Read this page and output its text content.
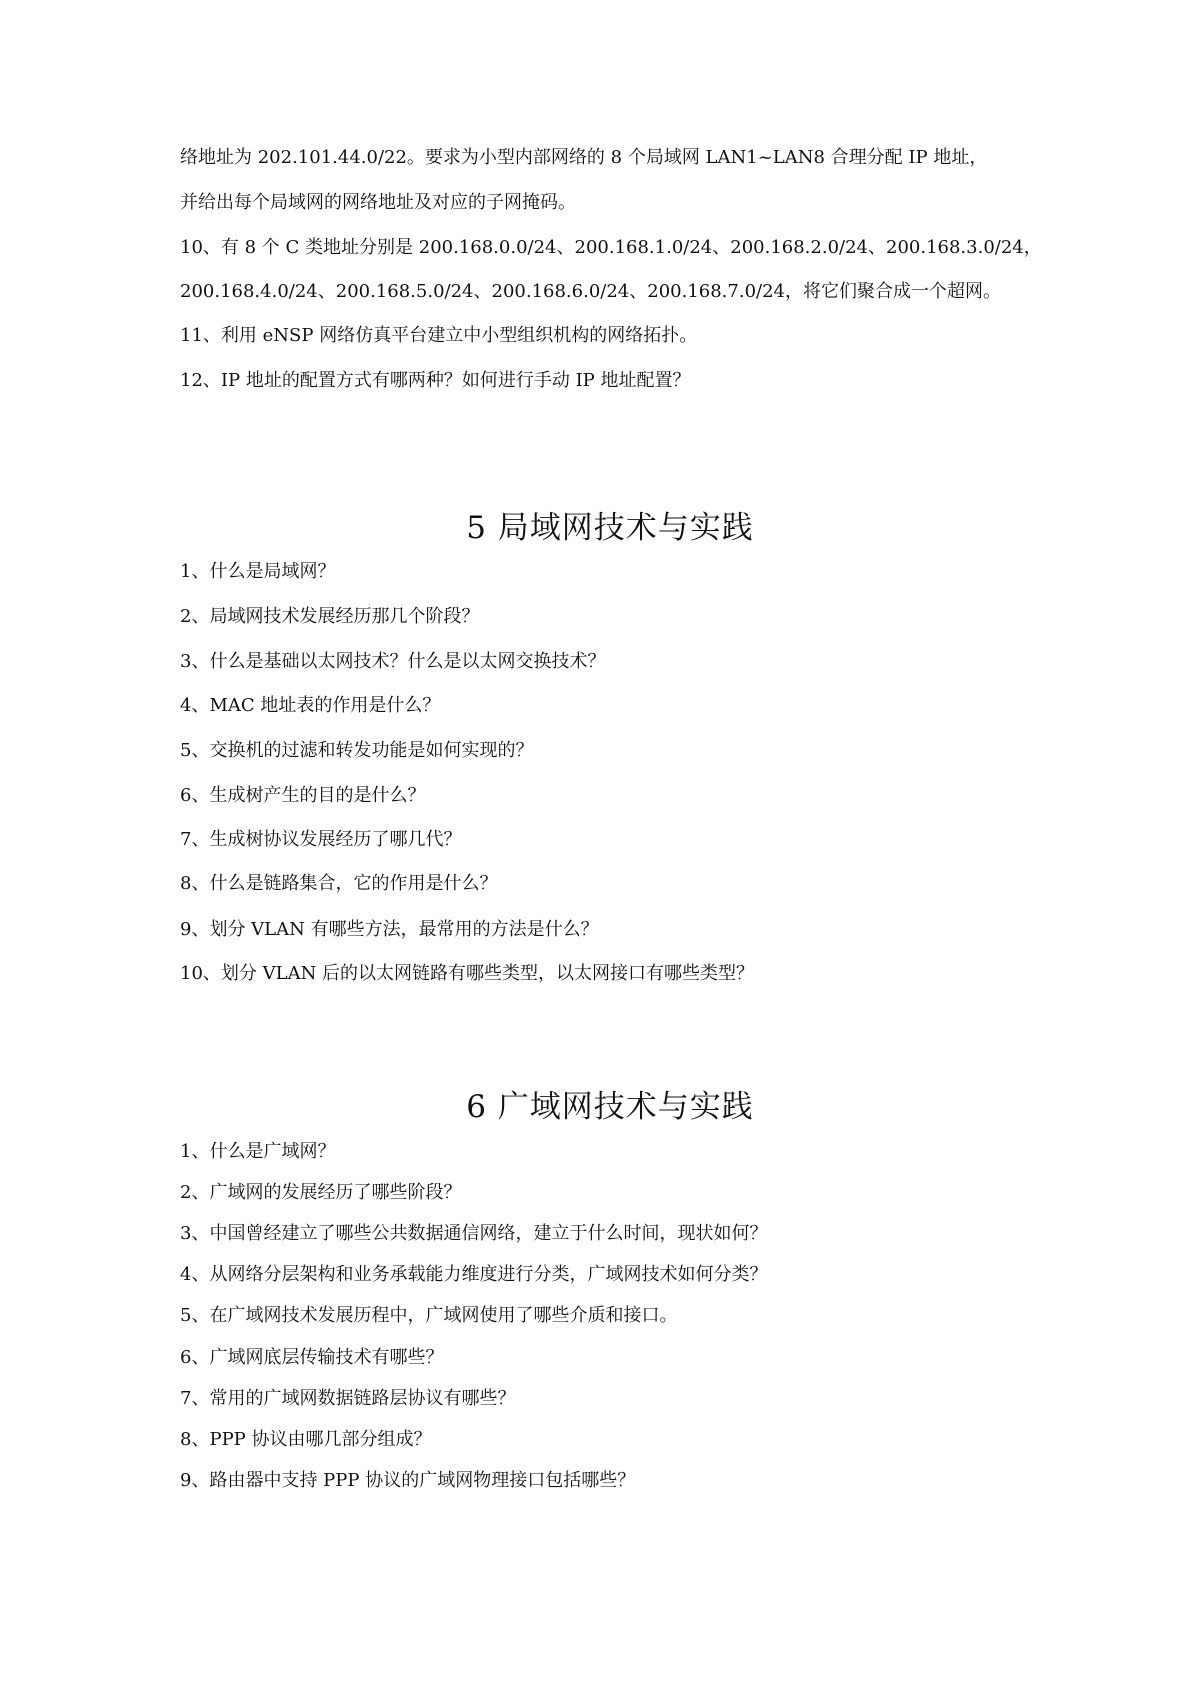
络地址为 202.101.44.0/22。要求为小型内部网络的 8 个局域网 LAN1~LAN8 合理分配 IP 地址，
并给出每个局域网的网络地址及对应的子网掩码。
10、有 8 个 C 类地址分别是 200.168.0.0/24、200.168.1.0/24、200.168.2.0/24、200.168.3.0/24，
200.168.4.0/24、200.168.5.0/24、200.168.6.0/24、200.168.7.0/24，将它们聚合成一个超网。
11、利用 eNSP 网络仿真平台建立中小型组织机构的网络拓扑。
12、IP 地址的配置方式有哪两种？如何进行手动 IP 地址配置？
5 局域网技术与实践
1、什么是局域网？
2、局域网技术发展经历那几个阶段？
3、什么是基础以太网技术？什么是以太网交换技术？
4、MAC 地址表的作用是什么？
5、交换机的过滤和转发功能是如何实现的？
6、生成树产生的目的是什么？
7、生成树协议发展经历了哪几代？
8、什么是链路集合，它的作用是什么？
9、划分 VLAN 有哪些方法，最常用的方法是什么？
10、划分 VLAN 后的以太网链路有哪些类型，以太网接口有哪些类型？
6 广域网技术与实践
1、什么是广域网？
2、广域网的发展经历了哪些阶段？
3、中国曾经建立了哪些公共数据通信网络，建立于什么时间，现状如何？
4、从网络分层架构和业务承载能力维度进行分类，广域网技术如何分类？
5、在广域网技术发展历程中，广域网使用了哪些介质和接口。
6、广域网底层传输技术有哪些？
7、常用的广域网数据链路层协议有哪些？
8、PPP 协议由哪几部分组成？
9、路由器中支持 PPP 协议的广域网物理接口包括哪些？
